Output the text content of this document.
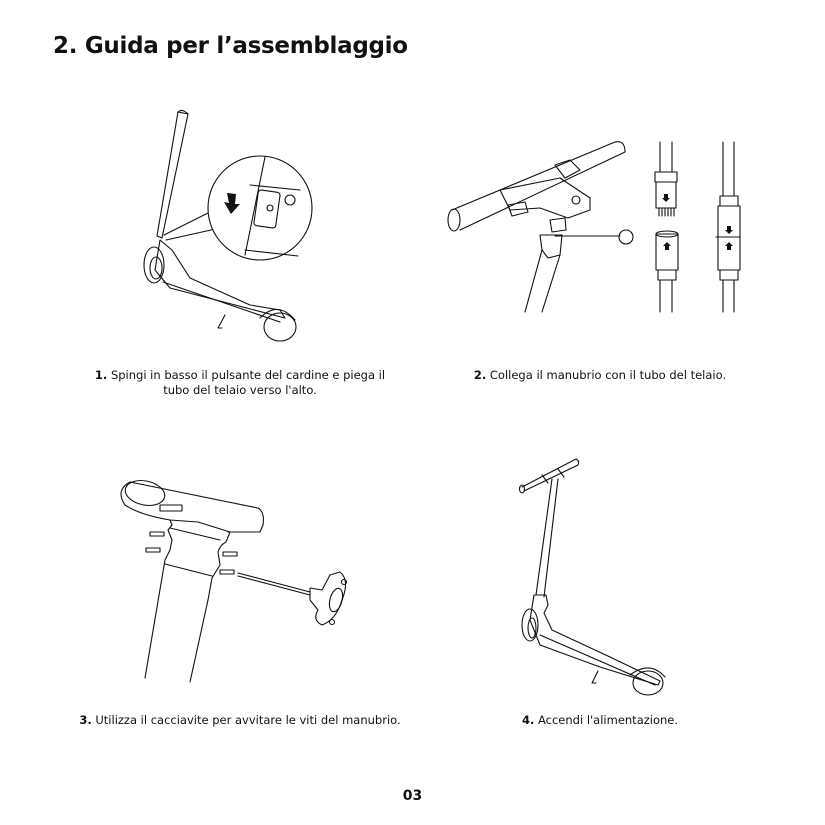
2. Guida per l’assemblaggio
1. Spingi in basso il pulsante del cardine e piega il
tubo del telaio verso l'alto.
2. Collega il manubrio con il tubo del telaio.
3. Utilizza il cacciavite per avvitare le viti del manubrio.	4. Accendi l'alimentazione.
03
